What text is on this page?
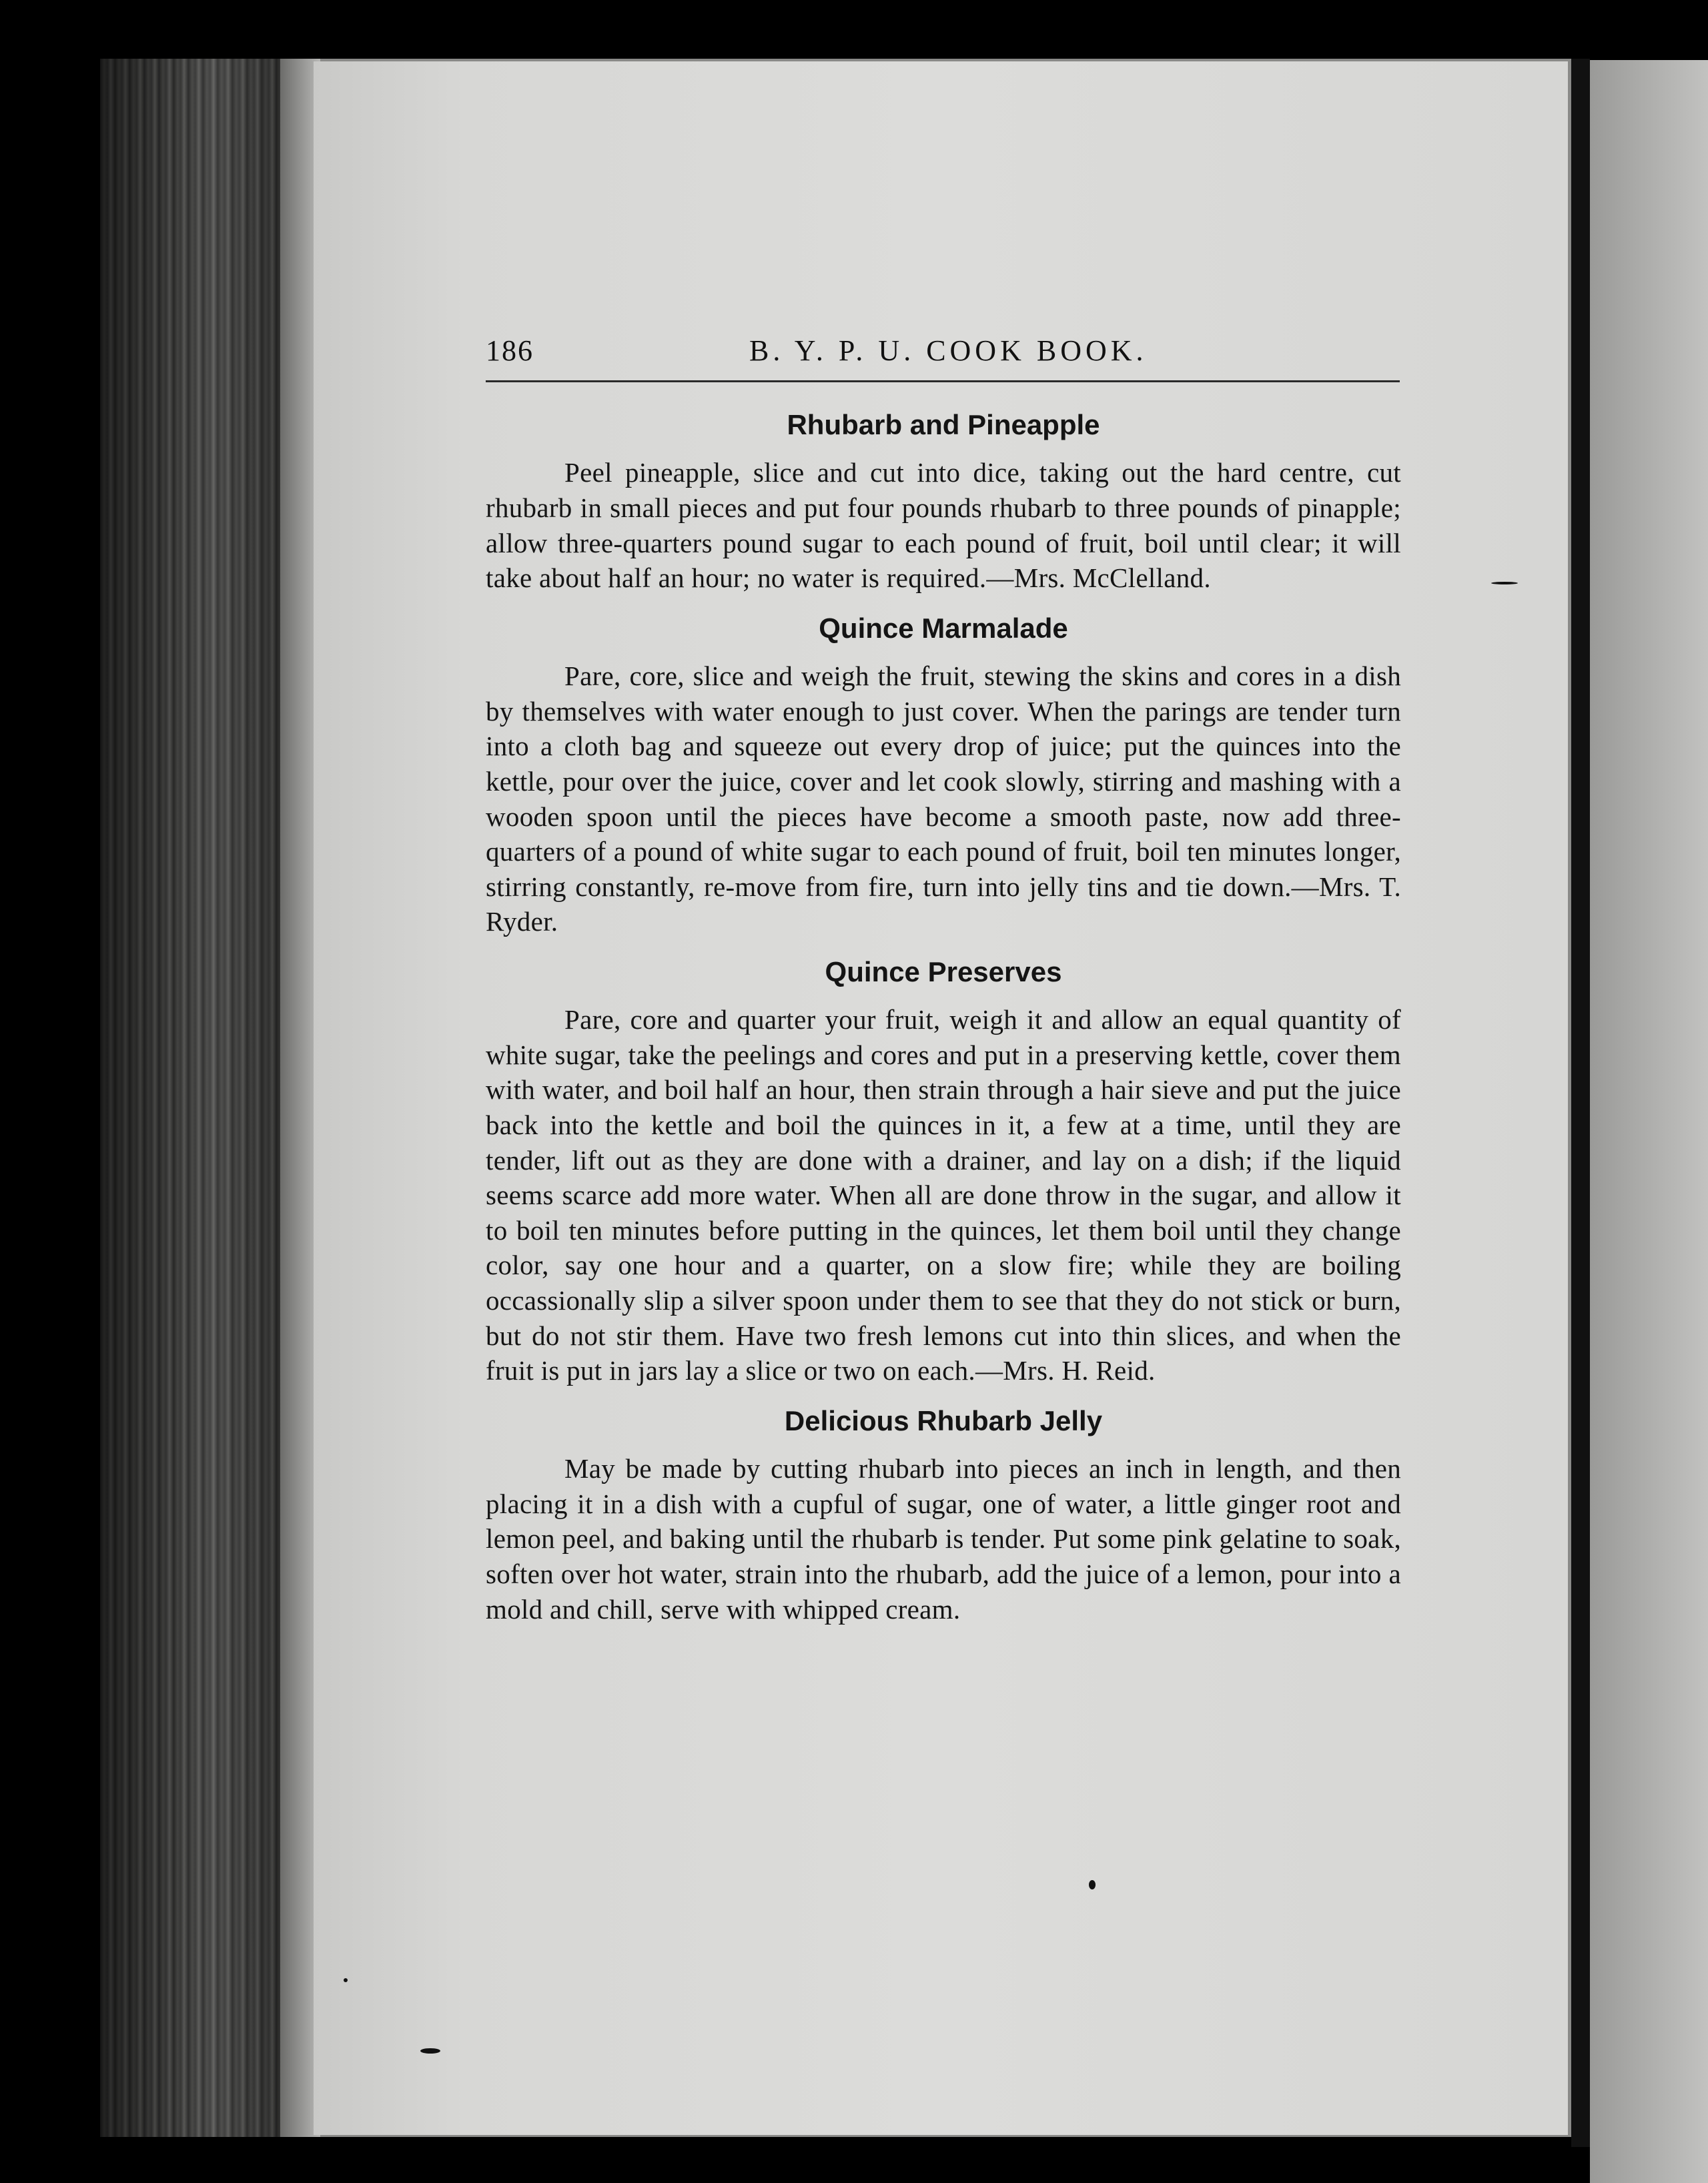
186	B. Y. P. U. COOK BOOK.
Rhubarb and Pineapple

Peel pineapple, slice and cut into dice, taking out the hard centre, cut rhubarb in small pieces and put four pounds rhubarb to three pounds of pinapple; allow three-quarters pound sugar to each pound of fruit, boil until clear; it will take about half an hour; no water is required.—Mrs. McClelland.

Quince Marmalade

Pare, core, slice and weigh the fruit, stewing the skins and cores in a dish by themselves with water enough to just cover. When the parings are tender turn into a cloth bag and squeeze out every drop of juice; put the quinces into the kettle, pour over the juice, cover and let cook slowly, stirring and mashing with a wooden spoon until the pieces have become a smooth paste, now add three-quarters of a pound of white sugar to each pound of fruit, boil ten minutes longer, stirring constantly, re-move from fire, turn into jelly tins and tie down.—Mrs. T. Ryder.

Quince Preserves

Pare, core and quarter your fruit, weigh it and allow an equal quantity of white sugar, take the peelings and cores and put in a preserving kettle, cover them with water, and boil half an hour, then strain through a hair sieve and put the juice back into the kettle and boil the quinces in it, a few at a time, until they are tender, lift out as they are done with a drainer, and lay on a dish; if the liquid seems scarce add more water. When all are done throw in the sugar, and allow it to boil ten minutes before putting in the quinces, let them boil until they change color, say one hour and a quarter, on a slow fire; while they are boiling occassionally slip a silver spoon under them to see that they do not stick or burn, but do not stir them. Have two fresh lemons cut into thin slices, and when the fruit is put in jars lay a slice or two on each.—Mrs. H. Reid.

Delicious Rhubarb Jelly

May be made by cutting rhubarb into pieces an inch in length, and then placing it in a dish with a cupful of sugar, one of water, a little ginger root and lemon peel, and baking until the rhubarb is tender. Put some pink gelatine to soak, soften over hot water, strain into the rhubarb, add the juice of a lemon, pour into a mold and chill, serve with whipped cream.
